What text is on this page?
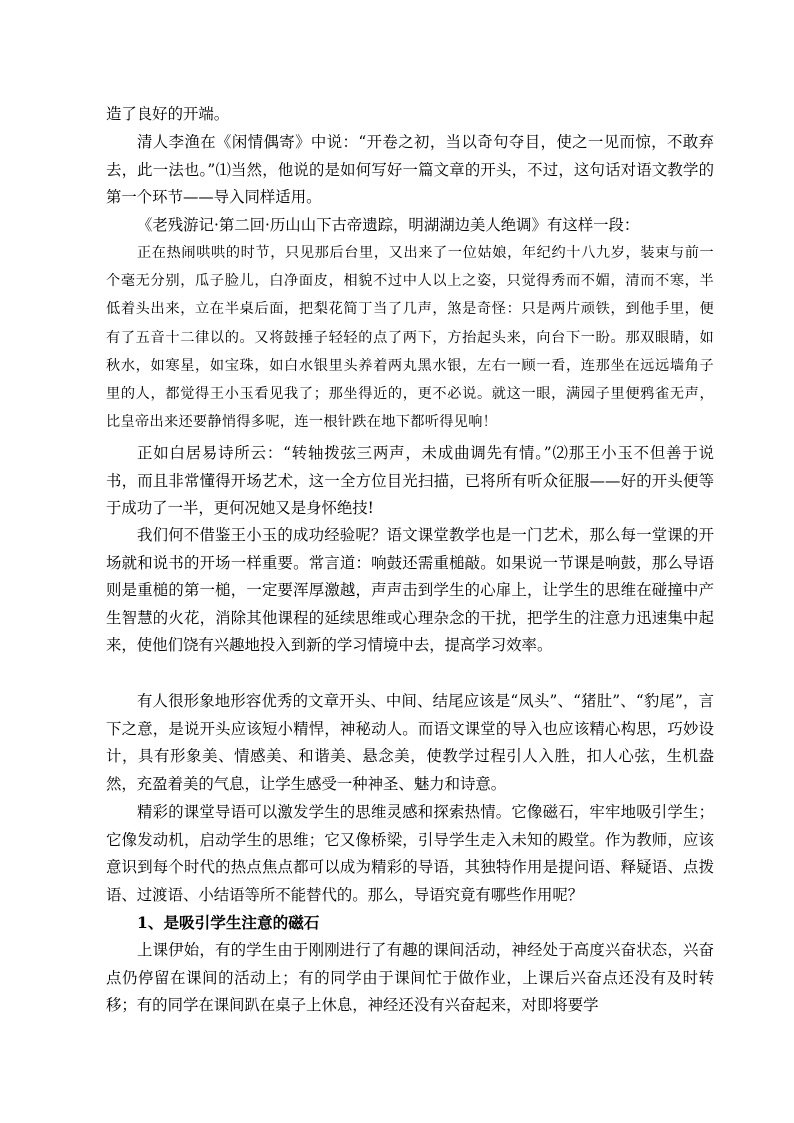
造了良好的开端。

清人李渔在《闲情偶寄》中说：“开卷之初，当以奇句夺目，使之一见而惊，不敢弃去，此一法也。”⑴当然，他说的是如何写好一篇文章的开头，不过，这句话对语文教学的第一个环节——导入同样适用。

《老残游记·第二回·历山山下古帝遗踪，明湖湖边美人绝调》有这样一段：

正在热闹哄哄的时节，只见那后台里，又出来了一位姑娘，年纪约十八九岁，装束与前一个毫无分别，瓜子脸儿，白净面皮，相貌不过中人以上之姿，只觉得秀而不媚，清而不寒，半低着头出来，立在半桌后面，把梨花简丁当了几声，煞是奇怪：只是两片顽铁，到他手里，便有了五音十二律以的。又将鼓捶子轻轻的点了两下，方抬起头来，向台下一盼。那双眼睛，如秋水，如寒星，如宝珠，如白水银里头养着两丸黑水银，左右一顾一看，连那坐在远远墙角子里的人，都觉得王小玉看见我了；那坐得近的，更不必说。就这一眼，满园子里便鸦雀无声，比皇帝出来还要静悄得多呢，连一根针跌在地下都听得见响！

正如白居易诗所云：“转轴拨弦三两声，未成曲调先有情。”⑵那王小玉不但善于说书，而且非常懂得开场艺术，这一全方位目光扫描，已将所有听众征服——好的开头便等于成功了一半，更何况她又是身怀绝技!

我们何不借鉴王小玉的成功经验呢？语文课堂教学也是一门艺术，那么每一堂课的开场就和说书的开场一样重要。常言道：响鼓还需重槌敲。如果说一节课是响鼓，那么导语则是重槌的第一槌，一定要浑厚激越，声声击到学生的心扉上，让学生的思维在碰撞中产生智慧的火花，消除其他课程的延续思维或心理杂念的干扰，把学生的注意力迅速集中起来，使他们饶有兴趣地投入到新的学习情境中去，提高学习效率。

有人很形象地形容优秀的文章开头、中间、结尾应该是“凤头”、“猪肚”、“豹尾”，言下之意，是说开头应该短小精悍，神秘动人。而语文课堂的导入也应该精心构思，巧妙设计，具有形象美、情感美、和谐美、悬念美，使教学过程引人入胜，扣人心弦，生机盎然，充盈着美的气息，让学生感受一种神圣、魅力和诗意。

精彩的课堂导语可以激发学生的思维灵感和探索热情。它像磁石，牢牢地吸引学生；它像发动机，启动学生的思维；它又像桥梁，引导学生走入未知的殿堂。作为教师，应该意识到每个时代的热点焦点都可以成为精彩的导语，其独特作用是提问语、释疑语、点拨语、过渡语、小结语等所不能替代的。那么，导语究竟有哪些作用呢？

1、是吸引学生注意的磁石

上课伊始，有的学生由于刚刚进行了有趣的课间活动，神经处于高度兴奋状态，兴奋点仍停留在课间的活动上；有的同学由于课间忙于做作业，上课后兴奋点还没有及时转移；有的同学在课间趴在桌子上休息，神经还没有兴奋起来，对即将要学
